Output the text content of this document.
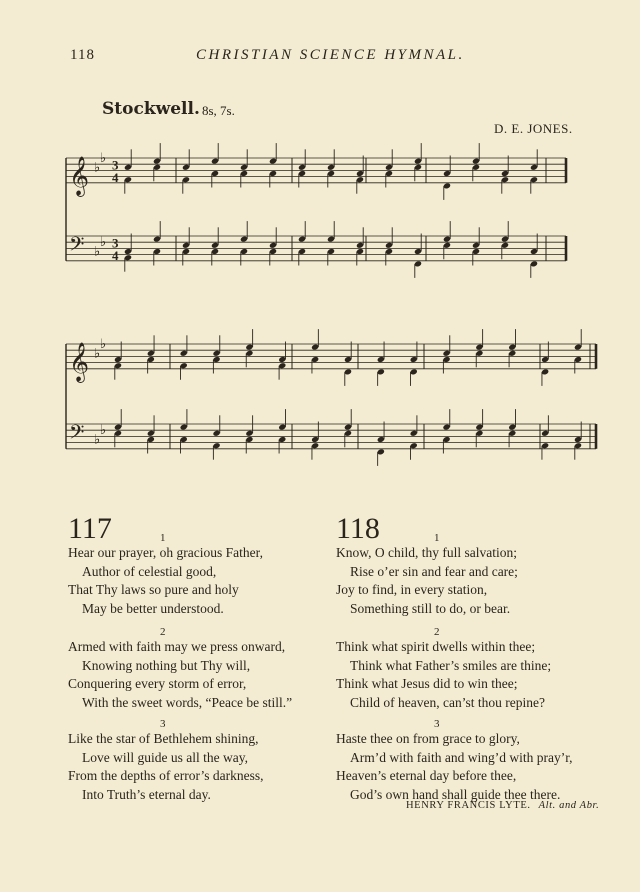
118	CHRISTIAN SCIENCE HYMNAL.
Stockwell. 8s, 7s.
D. E. JONES.
𝄞 ♭
♭ 3
4
𝄢 ♭
♭ 3
4
𝄞 ♭
♭
𝄢 ♭
♭
117	1
Hear our prayer, oh gracious Father,
Author of celestial good,
That Thy laws so pure and holy
May be better understood.
2
Armed with faith may we press onward,
Knowing nothing but Thy will,
Conquering every storm of error,
With the sweet words, “Peace be still.”
3
Like the star of Bethlehem shining,
Love will guide us all the way,
From the depths of error’s darkness,
Into Truth’s eternal day.
118	1
Know, O child, thy full salvation;
Rise o’er sin and fear and care;
Joy to find, in every station,
Something still to do, or bear.
2
Think what spirit dwells within thee;
Think what Father’s smiles are thine;
Think what Jesus did to win thee;
Child of heaven, can’st thou repine?
3
Haste thee on from grace to glory,
Arm’d with faith and wing’d with pray’r,
Heaven’s eternal day before thee,
God’s own hand shall guide thee there.
HENRY FRANCIS LYTE. Alt. and Abr.
